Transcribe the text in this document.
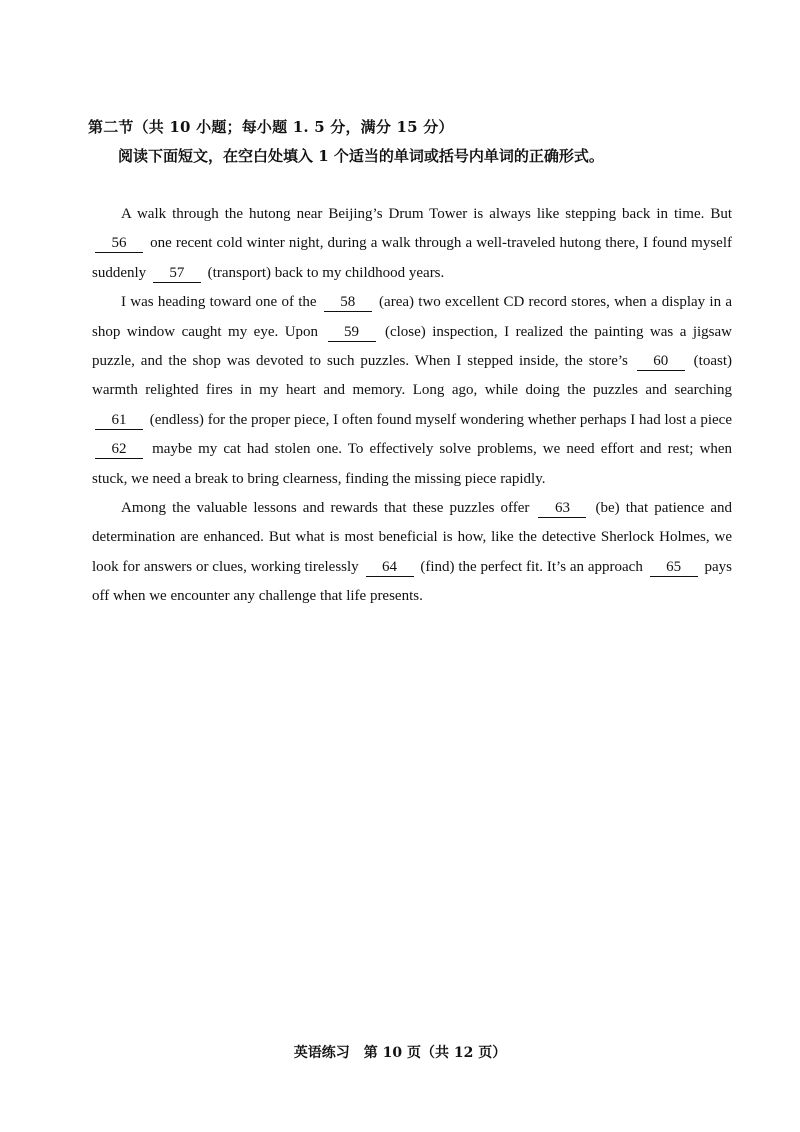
第二节（共 10 小题；每小题 1. 5 分，满分 15 分）
阅读下面短文，在空白处填入 1 个适当的单词或括号内单词的正确形式。

A walk through the hutong near Beijing’s Drum Tower is always like stepping back in time. But 56 one recent cold winter night, during a walk through a well-traveled hutong there, I found myself suddenly 57 (transport) back to my childhood years.

I was heading toward one of the 58 (area) two excellent CD record stores, when a display in a shop window caught my eye. Upon 59 (close) inspection, I realized the painting was a jigsaw puzzle, and the shop was devoted to such puzzles. When I stepped inside, the store’s 60 (toast) warmth relighted fires in my heart and memory. Long ago, while doing the puzzles and searching 61 (endless) for the proper piece, I often found myself wondering whether perhaps I had lost a piece 62 maybe my cat had stolen one. To effectively solve problems, we need effort and rest; when stuck, we need a break to bring clearness, finding the missing piece rapidly.

Among the valuable lessons and rewards that these puzzles offer 63 (be) that patience and determination are enhanced. But what is most beneficial is how, like the detective Sherlock Holmes, we look for answers or clues, working tirelessly 64 (find) the perfect fit. It’s an approach 65 pays off when we encounter any challenge that life presents.

英语练习　第 10 页（共 12 页）
